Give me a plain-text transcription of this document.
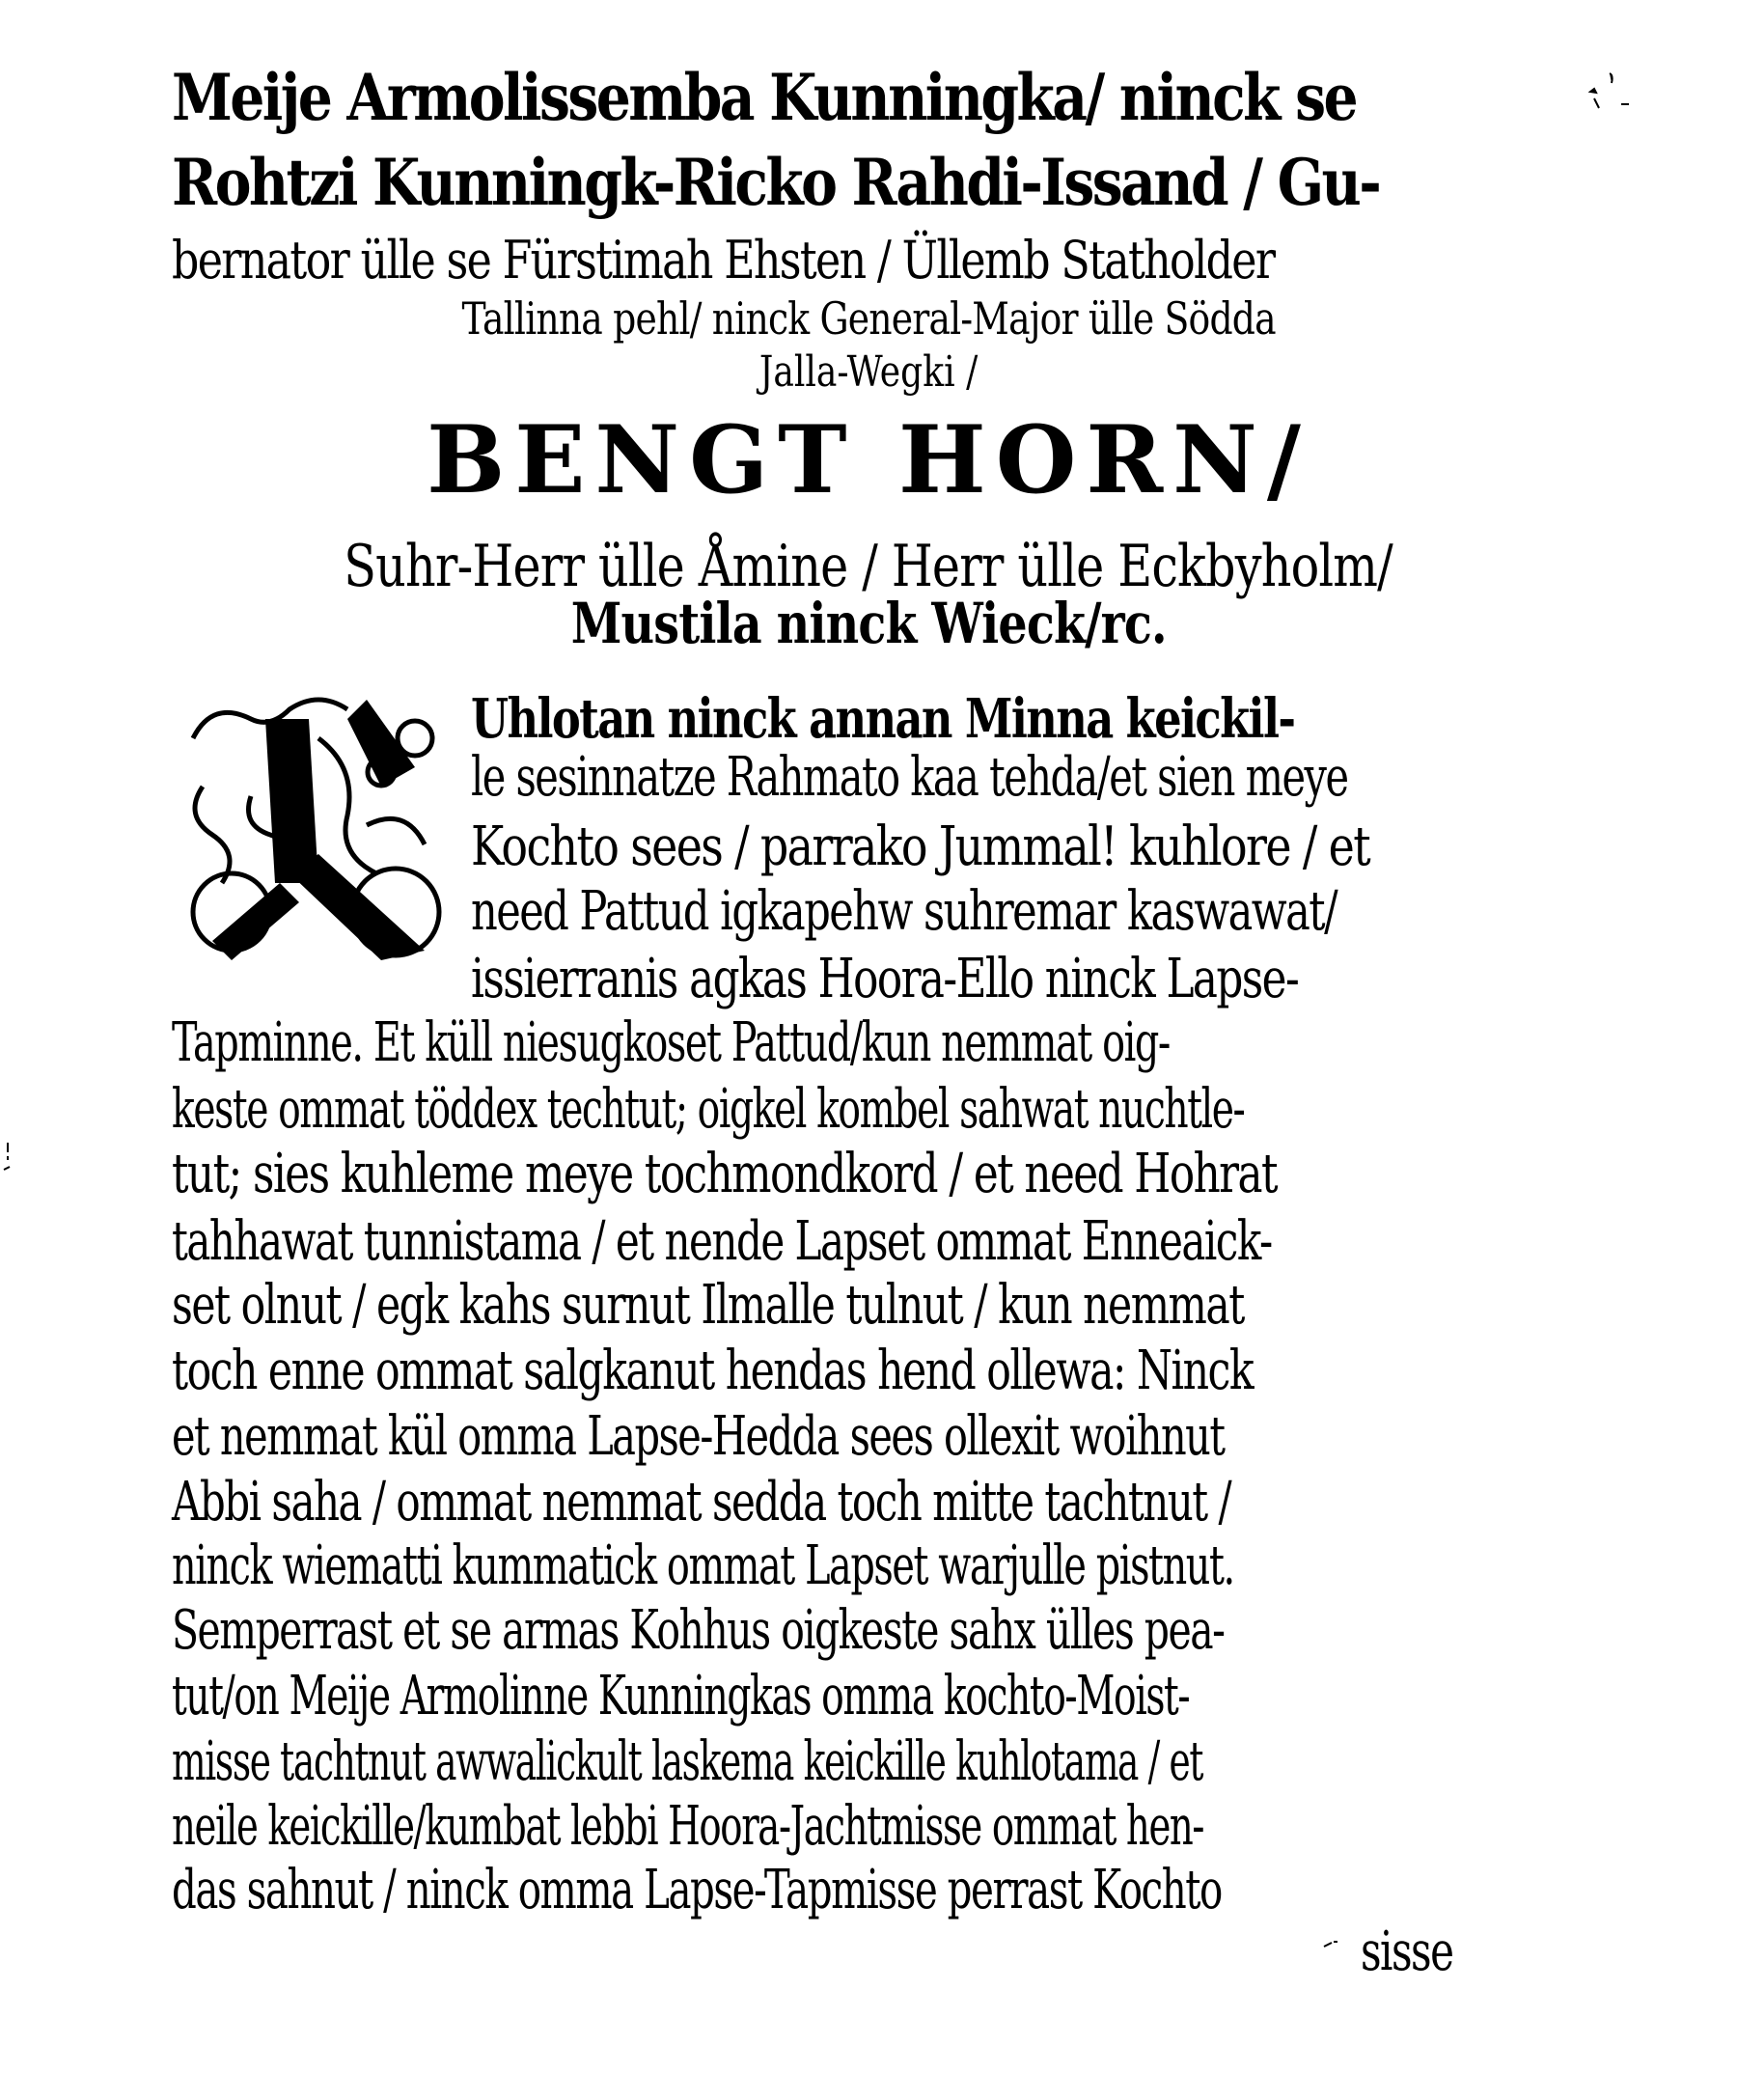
Meije Armolissemba Kunningka/ ninck se
Rohtzi Kunningk-Ricko Rahdi-Issand / Gu-
bernator ülle se Fürstimah Ehsten / Üllemb Statholder
Tallinna pehl/ ninck General-Major ülle Södda
Jalla-Wegki /
BENGT HORN/
Suhr-Herr ülle Åmine / Herr ülle Eckbyholm/
Mustila ninck Wieck/rc.
Uhlotan ninck annan Minna keickil-
le sesinnatze Rahmato kaa tehda/et sien meye
Kochto sees / parrako Jummal! kuhlore / et
need Pattud igkapehw suhremar kaswawat/
issierranis agkas Hoora-Ello ninck Lapse-
Tapminne. Et küll niesugkoset Pattud/kun nemmat oig-
keste ommat töddex techtut; oigkel kombel sahwat nuchtle-
tut; sies kuhleme meye tochmondkord / et need Hohrat
tahhawat tunnistama / et nende Lapset ommat Enneaick-
set olnut / egk kahs surnut Ilmalle tulnut / kun nemmat
toch enne ommat salgkanut hendas hend ollewa: Ninck
et nemmat kül omma Lapse-Hedda sees ollexit woihnut
Abbi saha / ommat nemmat sedda toch mitte tachtnut /
ninck wiematti kummatick ommat Lapset warjulle pistnut.
Semperrast et se armas Kohhus oigkeste sahx ülles pea-
tut/on Meije Armolinne Kunningkas omma kochto-Moist-
misse tachtnut awwalickult laskema keickille kuhlotama / et
neile keickille/kumbat lebbi Hoora-Jachtmisse ommat hen-
das sahnut / ninck omma Lapse-Tapmisse perrast Kochto
sisse
